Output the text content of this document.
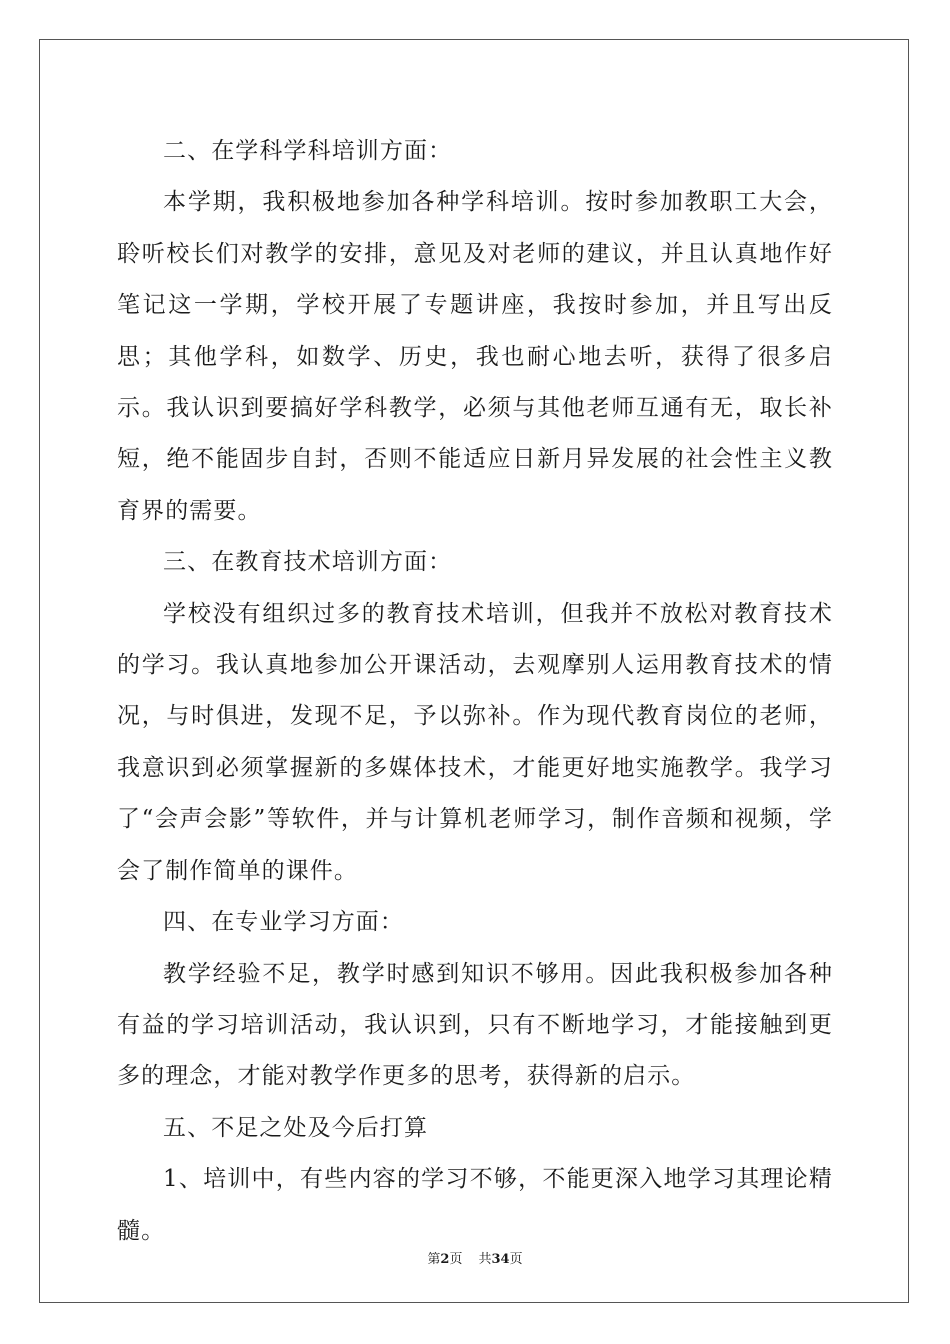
二、在学科学科培训方面：

本学期，我积极地参加各种学科培训。按时参加教职工大会，聆听校长们对教学的安排，意见及对老师的建议，并且认真地作好笔记这一学期，学校开展了专题讲座，我按时参加，并且写出反思；其他学科，如数学、历史，我也耐心地去听，获得了很多启示。我认识到要搞好学科教学，必须与其他老师互通有无，取长补短，绝不能固步自封，否则不能适应日新月异发展的社会性主义教育界的需要。

三、在教育技术培训方面：

学校没有组织过多的教育技术培训，但我并不放松对教育技术的学习。我认真地参加公开课活动，去观摩别人运用教育技术的情况，与时俱进，发现不足，予以弥补。作为现代教育岗位的老师，我意识到必须掌握新的多媒体技术，才能更好地实施教学。我学习了“会声会影”等软件，并与计算机老师学习，制作音频和视频，学会了制作简单的课件。

四、在专业学习方面：

教学经验不足，教学时感到知识不够用。因此我积极参加各种有益的学习培训活动，我认识到，只有不断地学习，才能接触到更多的理念，才能对教学作更多的思考，获得新的启示。

五、不足之处及今后打算

1、培训中，有些内容的学习不够，不能更深入地学习其理论精髓。

第2页 共34页
